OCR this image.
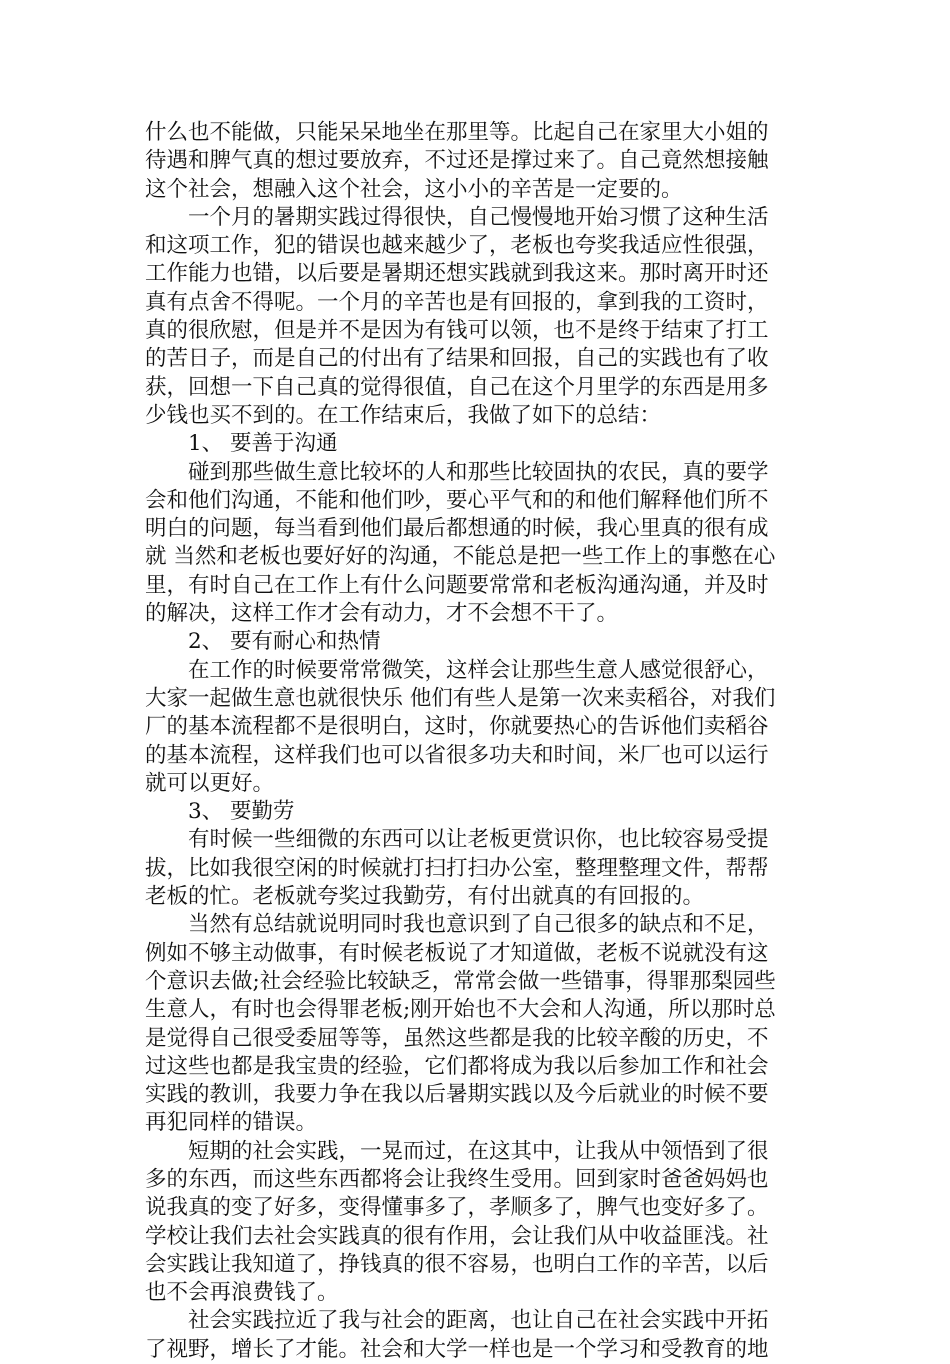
什么也不能做，只能呆呆地坐在那里等。比起自己在家里大小姐的
待遇和脾气真的想过要放弃，不过还是撑过来了。自己竟然想接触
这个社会，想融入这个社会，这小小的辛苦是一定要的。
一个月的暑期实践过得很快，自己慢慢地开始习惯了这种生活
和这项工作，犯的错误也越来越少了，老板也夸奖我适应性很强，
工作能力也错，以后要是暑期还想实践就到我这来。那时离开时还
真有点舍不得呢。一个月的辛苦也是有回报的，拿到我的工资时，
真的很欣慰，但是并不是因为有钱可以领，也不是终于结束了打工
的苦日子，而是自己的付出有了结果和回报，自己的实践也有了收
获，回想一下自己真的觉得很值，自己在这个月里学的东西是用多
少钱也买不到的。在工作结束后，我做了如下的总结：
1、 要善于沟通
碰到那些做生意比较坏的人和那些比较固执的农民，真的要学
会和他们沟通，不能和他们吵，要心平气和的和他们解释他们所不
明白的问题，每当看到他们最后都想通的时候，我心里真的很有成
就 当然和老板也要好好的沟通，不能总是把一些工作上的事憋在心
里，有时自己在工作上有什么问题要常常和老板沟通沟通，并及时
的解决，这样工作才会有动力，才不会想不干了。
2、 要有耐心和热情
在工作的时候要常常微笑，这样会让那些生意人感觉很舒心，
大家一起做生意也就很快乐 他们有些人是第一次来卖稻谷，对我们
厂的基本流程都不是很明白，这时，你就要热心的告诉他们卖稻谷
的基本流程，这样我们也可以省很多功夫和时间，米厂也可以运行
就可以更好。
3、 要勤劳
有时候一些细微的东西可以让老板更赏识你，也比较容易受提
拔，比如我很空闲的时候就打扫打扫办公室，整理整理文件，帮帮
老板的忙。老板就夸奖过我勤劳，有付出就真的有回报的。
当然有总结就说明同时我也意识到了自己很多的缺点和不足，
例如不够主动做事，有时候老板说了才知道做，老板不说就没有这
个意识去做;社会经验比较缺乏，常常会做一些错事，得罪那梨园些
生意人，有时也会得罪老板;刚开始也不大会和人沟通，所以那时总
是觉得自己很受委屈等等，虽然这些都是我的比较辛酸的历史，不
过这些也都是我宝贵的经验，它们都将成为我以后参加工作和社会
实践的教训，我要力争在我以后暑期实践以及今后就业的时候不要
再犯同样的错误。
短期的社会实践，一晃而过，在这其中，让我从中领悟到了很
多的东西，而这些东西都将会让我终生受用。回到家时爸爸妈妈也
说我真的变了好多，变得懂事多了，孝顺多了，脾气也变好多了。
学校让我们去社会实践真的很有作用，会让我们从中收益匪浅。社
会实践让我知道了，挣钱真的很不容易，也明白工作的辛苦，以后
也不会再浪费钱了。
社会实践拉近了我与社会的距离，也让自己在社会实践中开拓
了视野，增长了才能。社会和大学一样也是一个学习和受教育的地
